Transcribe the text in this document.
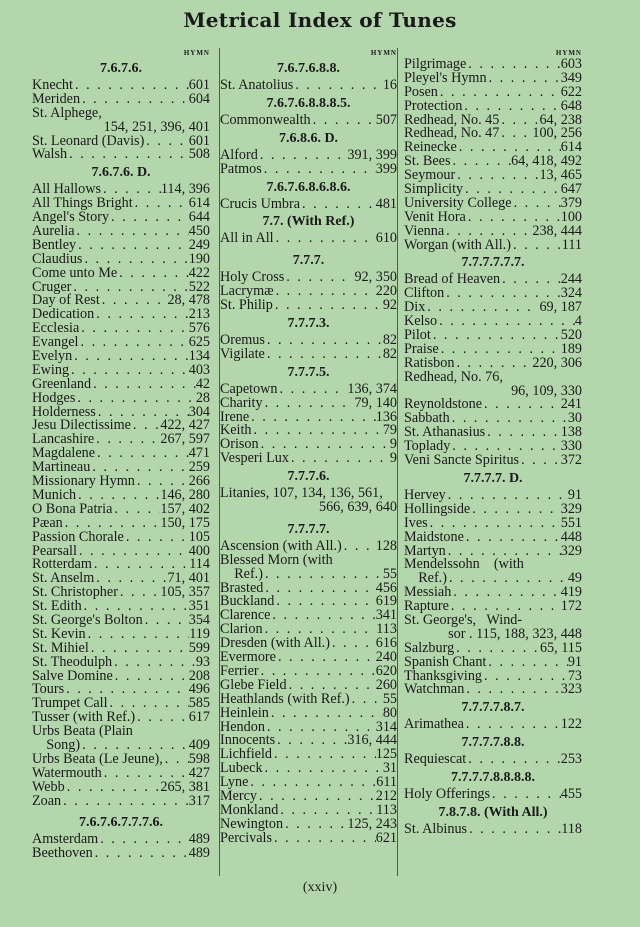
Metrical Index of Tunes
HYMN
7.6.7.6.
Knecht . . .	601
Meriden . . .	604
St. Alphege,
154, 251, 396, 401
St. Leonard (Davis) . . .	601
Walsh . . .	508
7.6.7.6. D.
All Hallows . . .	114, 396
All Things Bright . . .	614
Angel's Story . . .	644
Aurelia . . .	450
Bentley . . .	249
Claudius . . .	190
Come unto Me . . .	422
Cruger . . .	522
Day of Rest . . .	28, 478
Dedication . . .	213
Ecclesia . . .	576
Evangel . . .	625
Evelyn . . .	134
Ewing . . .	403
Greenland . . .	42
Hodges . . .	28
Holderness . . .	304
Jesu Dilectissime . . . 422, 427
Lancashire . . .	267, 597
Magdalene . . .	471
Martineau . . .	259
Missionary Hymn . . .	266
Munich . . .	146, 280
O Bona Patria . . .	157, 402
Pæan . . .	150, 175
Passion Chorale . . .	105
Pearsall . . .	400
Rotterdam . . .	114
St. Anselm . . .	71, 401
St. Christopher . . .	105, 357
St. Edith . . .	351
St. George's Bolton . . .	354
St. Kevin . . .	119
St. Mihiel . . .	599
St. Theodulph . . .	93
Salve Domine . . .	208
Tours . . .	496
Trumpet Call . . .	585
Tusser (with Ref.) . . .	617
Urbs Beata (Plain
Song) . . .	409
Urbs Beata (Le Jeune), . . . 598
Watermouth . . .	427
Webb . . .	265, 381
Zoan . . .	317
7.6.7.6.7.7.7.6.
Amsterdam . . .	489
Beethoven . . .	489
HYMN
7.6.7.6.8.8.
St. Anatolius . . .	16
7.6.7.6.8.8.8.5.
Commonwealth . . .	507
7.6.8.6. D.
Alford . . .	391, 399
Patmos . . .	399
7.6.7.6.8.6.8.6.
Crucis Umbra . . .	481
7.7. (With Ref.)
All in All . . .	610
7.7.7.
Holy Cross . . .	92, 350
Lacrymæ . . .	220
St. Philip . . .	92
7.7.7.3.
Oremus . . .	82
Vigilate . . .	82
7.7.7.5.
Capetown . . .	136, 374
Charity . . .	79, 140
Irene . . .	136
Keith . . .	79
Orison . . .	9
Vesperi Lux . . .	9
7.7.7.6.
Litanies, 107, 134, 136, 561,
566, 639, 640
7.7.7.7.
Ascension (with All.) . . . 128
Blessed Morn (with
Ref.) . . .	55
Brasted . . .	456
Buckland . . .	619
Clarence . . .	341
Clarion . . .	113
Dresden (with All.) . . .	616
Evermore . . .	240
Ferrier . . .	620
Glebe Field . . .	260
Heathlands (with Ref.) . . . 55
Heinlein . . .	80
Hendon . . .	314
Innocents . . .	316, 444
Lichfield . . .	125
Lubeck . . .	31
Lyne . . .	611
Mercy . . .	212
Monkland . . .	113
Newington . . .	125, 243
Percivals . . .	621
HYMN
Pilgrimage . . .	603
Pleyel's Hymn . . .	349
Posen . . .	622
Protection . . .	648
Redhead, No. 45 . . .	64, 238
Redhead, No. 47 . . . 100, 256
Reinecke . . .	614
St. Bees . . .	64, 418, 492
Seymour . . .	13, 465
Simplicity . . .	647
University College . . .	379
Venit Hora . . .	100
Vienna . . .	238, 444
Worgan (with All.) . . .	111
7.7.7.7.7.7.
Bread of Heaven . . .	244
Clifton . . .	324
Dix . . .	69, 187
Kelso . . .	4
Pilot . . .	520
Praise . . .	189
Ratisbon . . .	220, 306
Redhead, No. 76,
96, 109, 330
Reynoldstone . . .	241
Sabbath . . .	30
St. Athanasius . . .	138
Toplady . . .	330
Veni Sancte Spiritus . . .	372
7.7.7.7. D.
Hervey . . .	91
Hollingside . . .	329
Ives . . .	551
Maidstone . . .	448
Martyn . . .	329
Mendelssohn    (with
Ref.) . . .	49
Messiah . . .	419
Rapture . . .	172
St. George's,   Wind-
sor . 115, 188, 323, 448
Salzburg . . .	65, 115
Spanish Chant . . .	91
Thanksgiving . . .	73
Watchman . . .	323
7.7.7.7.8.7.
Arimathea . . .	122
7.7.7.7.8.8.
Requiescat . . .	253
7.7.7.7.8.8.8.8.
Holy Offerings . . .	455
7.8.7.8. (With All.)
St. Albinus . . .	118
(xxiv)
